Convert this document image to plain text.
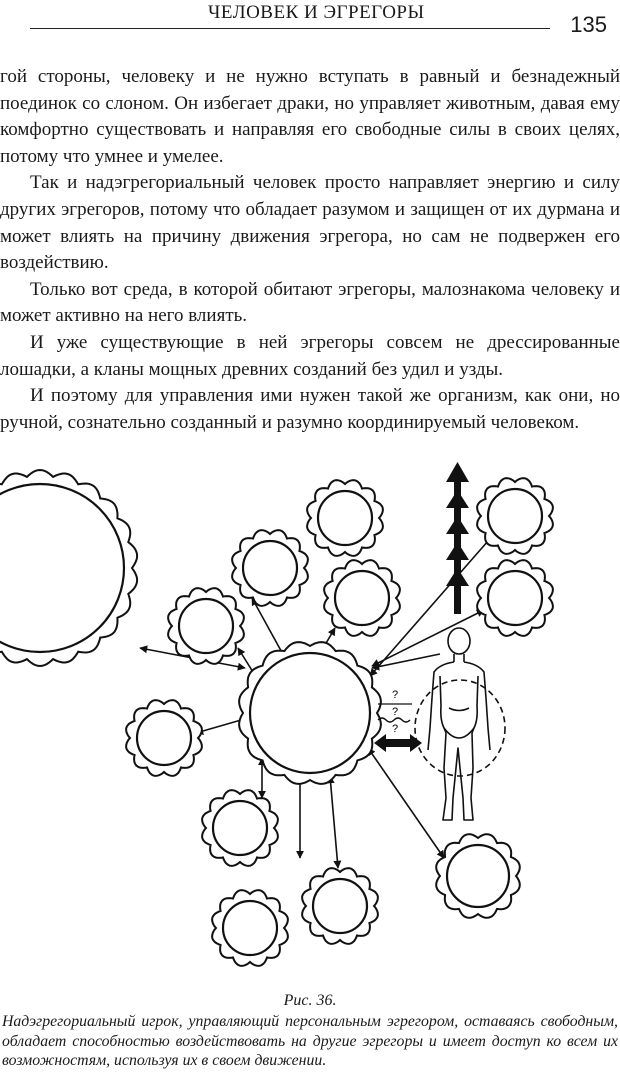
ЧЕЛОВЕК И ЭГРЕГОРЫ	135

гой стороны, человеку и не нужно вступать в равный и безнадежный поединок со слоном. Он избегает драки, но управляет животным, давая ему комфортно существовать и направляя его свободные силы в своих целях, потому что умнее и умелее.

Так и надэгрегориальный человек просто направляет энергию и силу других эгрегоров, потому что обладает разумом и защищен от их дурмана и может влиять на причину движения эгрегора, но сам не подвержен его воздействию.

Только вот среда, в которой обитают эгрегоры, малознакома человеку и может активно на него влиять.

И уже существующие в ней эгрегоры совсем не дрессированные лошадки, а кланы мощных древних созданий без удил и узды.

И поэтому для управления ими нужен такой же организм, как они, но ручной, сознательно созданный и разумно координируемый человеком.

?
?
?
Рис. 36.
Надэгрегориальный игрок, управляющий персональным эгрегором, оставаясь свободным, обладает способностью воздействовать на другие эгрегоры и имеет доступ ко всем их возможностям, используя их в своем движении.
